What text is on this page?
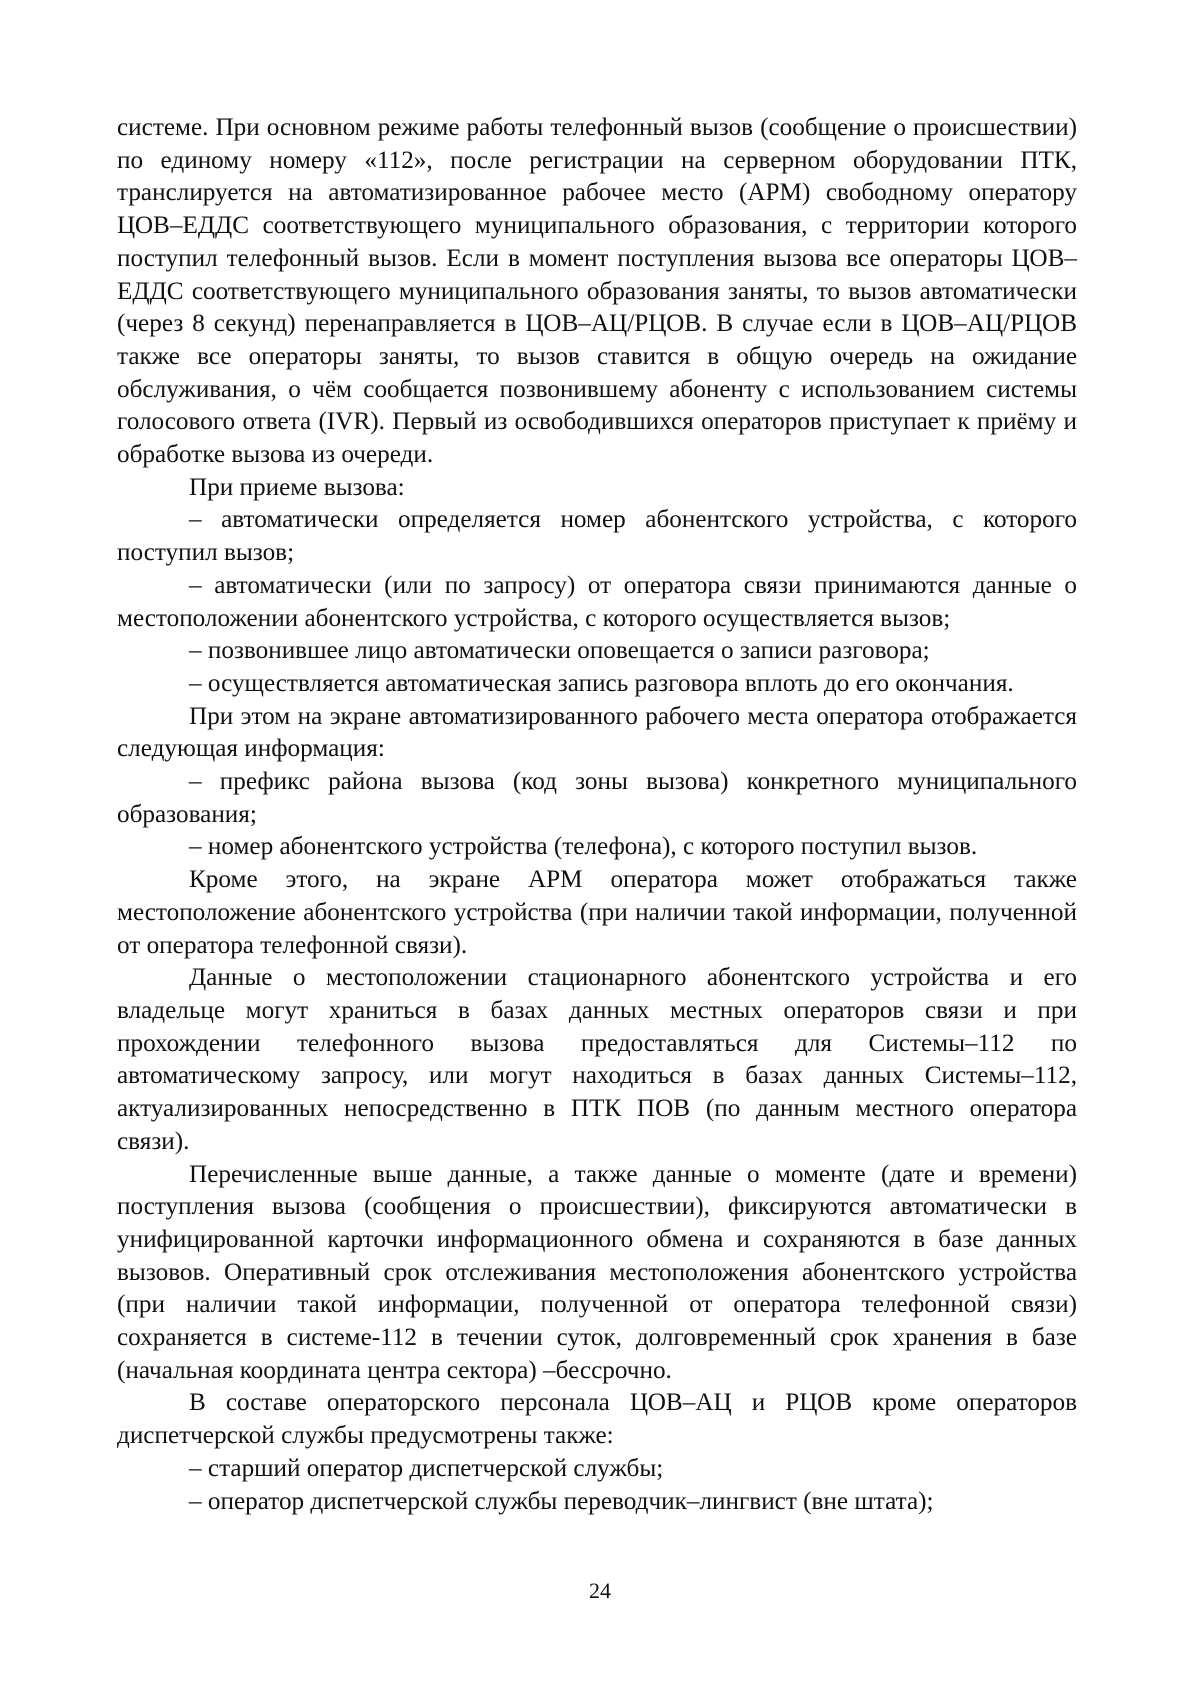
системе. При основном режиме работы телефонный вызов (сообщение о происшествии) по единому номеру «112», после регистрации на серверном оборудовании ПТК, транслируется на автоматизированное рабочее место (АРМ) свободному оператору ЦОВ–ЕДДС соответствующего муниципального образования, с территории которого поступил телефонный вызов. Если в момент поступления вызова все операторы ЦОВ–ЕДДС соответствующего муниципального образования заняты, то вызов автоматически (через 8 секунд) перенаправляется в ЦОВ–АЦ/РЦОВ. В случае если в ЦОВ–АЦ/РЦОВ также все операторы заняты, то вызов ставится в общую очередь на ожидание обслуживания, о чём сообщается позвонившему абоненту с использованием системы голосового ответа (IVR). Первый из освободившихся операторов приступает к приёму и обработке вызова из очереди.

При приеме вызова:

– автоматически определяется номер абонентского устройства, с которого поступил вызов;

– автоматически (или по запросу) от оператора связи принимаются данные о местоположении абонентского устройства, с которого осуществляется вызов;

– позвонившее лицо автоматически оповещается о записи разговора;

– осуществляется автоматическая запись разговора вплоть до его окончания.

При этом на экране автоматизированного рабочего места оператора отображается следующая информация:

– префикс района вызова (код зоны вызова) конкретного муниципального образования;

– номер абонентского устройства (телефона), с которого поступил вызов.

Кроме этого, на экране АРМ оператора может отображаться также местоположение абонентского устройства (при наличии такой информации, полученной от оператора телефонной связи).

Данные о местоположении стационарного абонентского устройства и его владельце могут храниться в базах данных местных операторов связи и при прохождении телефонного вызова предоставляться для Системы–112 по автоматическому запросу, или могут находиться в базах данных Системы–112, актуализированных непосредственно в ПТК ПОВ (по данным местного оператора связи).

Перечисленные выше данные, а также данные о моменте (дате и времени) поступления вызова (сообщения о происшествии), фиксируются автоматически в унифицированной карточки информационного обмена и сохраняются в базе данных вызовов. Оперативный срок отслеживания местоположения абонентского устройства (при наличии такой информации, полученной от оператора телефонной связи) сохраняется в системе-112 в течении суток, долговременный срок хранения в базе (начальная координата центра сектора) –бессрочно.

В составе операторского персонала ЦОВ–АЦ и РЦОВ кроме операторов диспетчерской службы предусмотрены также:

– старший оператор диспетчерской службы;

– оператор диспетчерской службы переводчик–лингвист (вне штата);

24
